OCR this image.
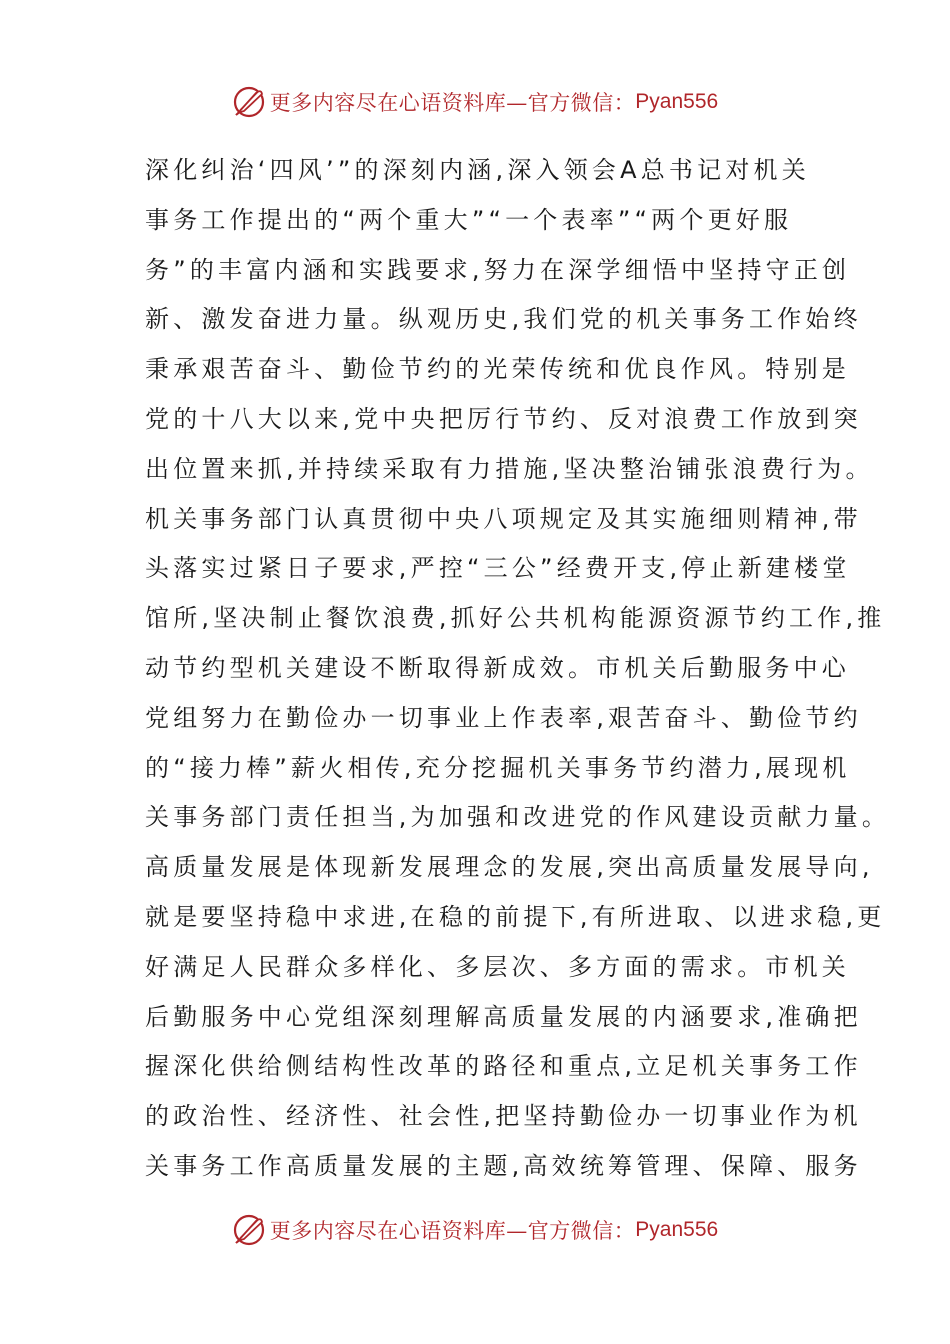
更多内容尽在心语资料库—官方微信： Pyan556
深化纠治‘四风’”的深刻内涵,深入领会A总书记对机关
事务工作提出的“两个重大”“一个表率”“两个更好服
务”的丰富内涵和实践要求,努力在深学细悟中坚持守正创
新、激发奋进力量。纵观历史,我们党的机关事务工作始终
秉承艰苦奋斗、勤俭节约的光荣传统和优良作风。特别是
党的十八大以来,党中央把厉行节约、反对浪费工作放到突
出位置来抓,并持续采取有力措施,坚决整治铺张浪费行为。
机关事务部门认真贯彻中央八项规定及其实施细则精神,带
头落实过紧日子要求,严控“三公”经费开支,停止新建楼堂
馆所,坚决制止餐饮浪费,抓好公共机构能源资源节约工作,推
动节约型机关建设不断取得新成效。市机关后勤服务中心
党组努力在勤俭办一切事业上作表率,艰苦奋斗、勤俭节约
的“接力棒”薪火相传,充分挖掘机关事务节约潜力,展现机
关事务部门责任担当,为加强和改进党的作风建设贡献力量。
高质量发展是体现新发展理念的发展,突出高质量发展导向,
就是要坚持稳中求进,在稳的前提下,有所进取、以进求稳,更
好满足人民群众多样化、多层次、多方面的需求。市机关
后勤服务中心党组深刻理解高质量发展的内涵要求,准确把
握深化供给侧结构性改革的路径和重点,立足机关事务工作
的政治性、经济性、社会性,把坚持勤俭办一切事业作为机
关事务工作高质量发展的主题,高效统筹管理、保障、服务
更多内容尽在心语资料库—官方微信： Pyan556
